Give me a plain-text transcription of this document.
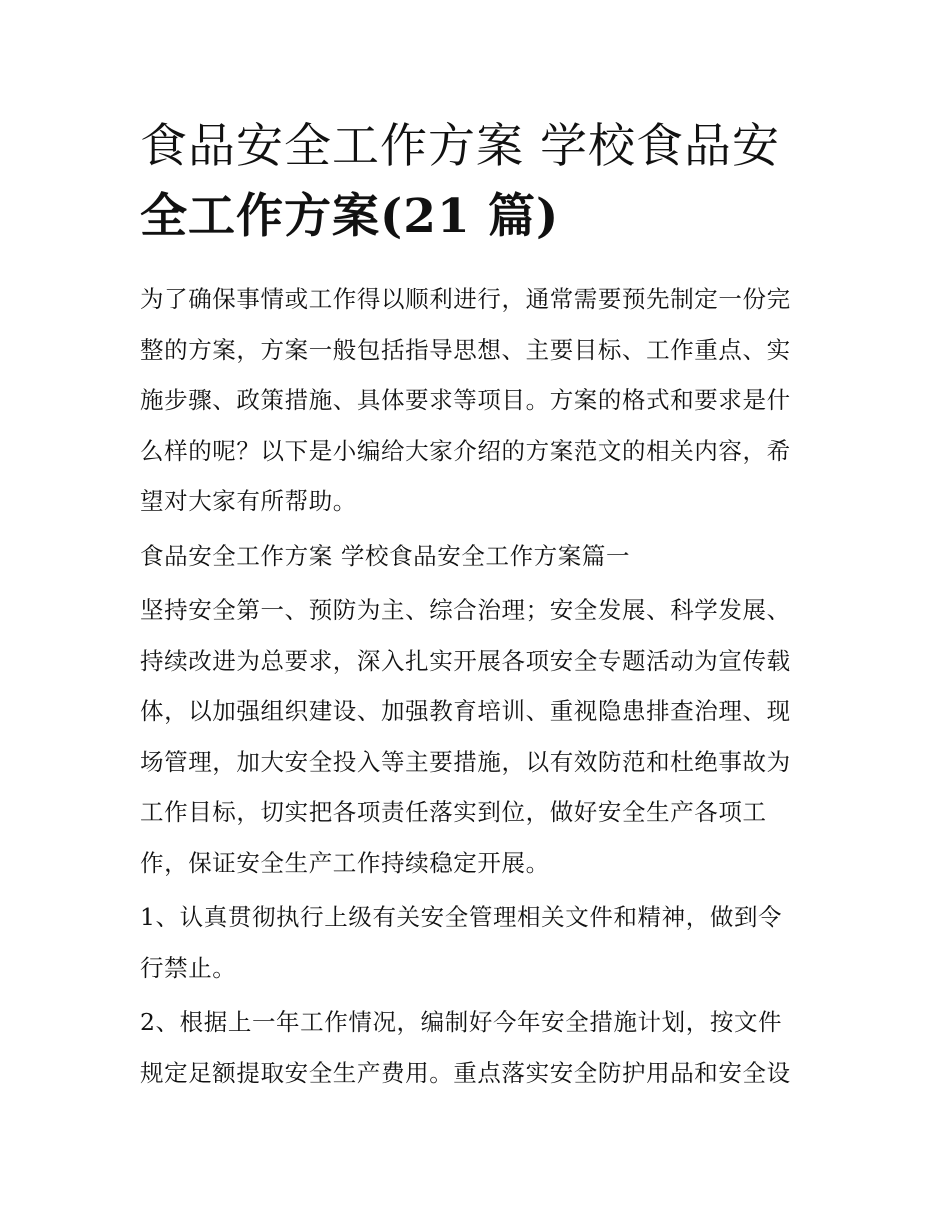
食品安全工作方案 学校食品安
全工作方案(21 篇)

为了确保事情或工作得以顺利进行，通常需要预先制定一份完
整的方案，方案一般包括指导思想、主要目标、工作重点、实
施步骤、政策措施、具体要求等项目。方案的格式和要求是什
么样的呢？以下是小编给大家介绍的方案范文的相关内容，希
望对大家有所帮助。

食品安全工作方案 学校食品安全工作方案篇一

坚持安全第一、预防为主、综合治理；安全发展、科学发展、
持续改进为总要求，深入扎实开展各项安全专题活动为宣传载
体，以加强组织建设、加强教育培训、重视隐患排查治理、现
场管理，加大安全投入等主要措施，以有效防范和杜绝事故为
工作目标，切实把各项责任落实到位，做好安全生产各项工
作，保证安全生产工作持续稳定开展。

1、认真贯彻执行上级有关安全管理相关文件和精神，做到令
行禁止。

2、根据上一年工作情况，编制好今年安全措施计划，按文件
规定足额提取安全生产费用。重点落实安全防护用品和安全设
